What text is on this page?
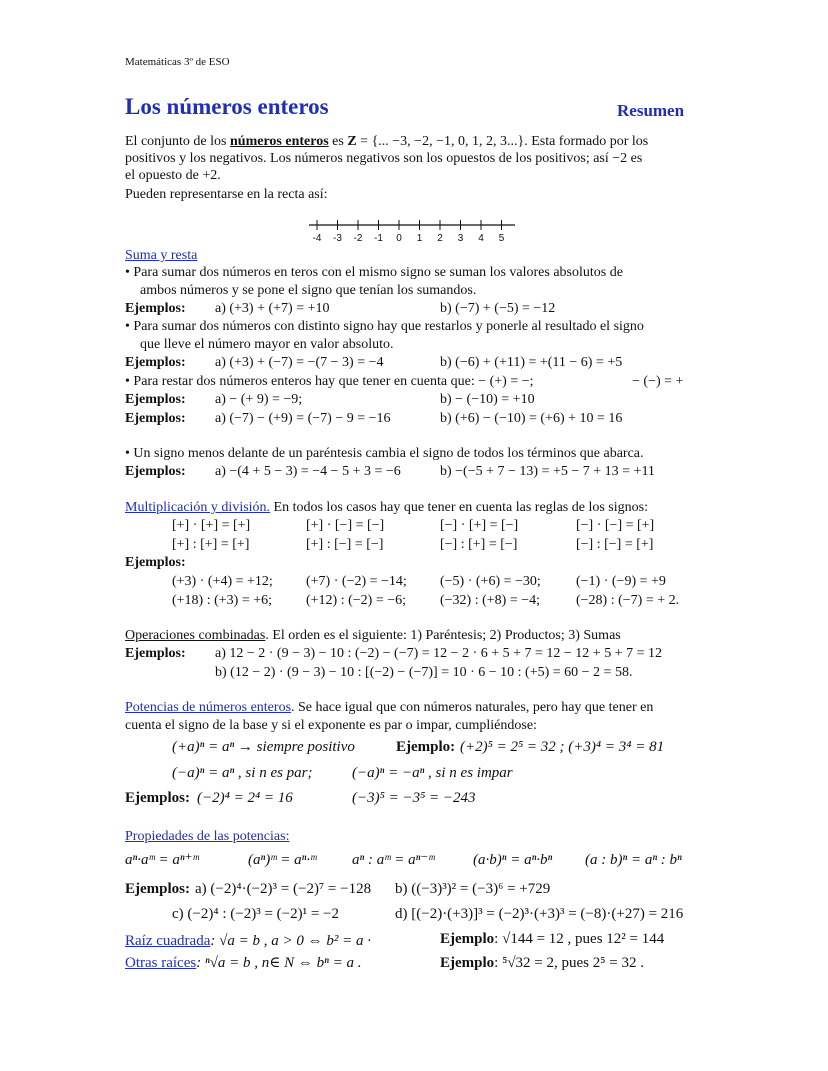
Matemáticas 3º de ESO
Los números enteros	Resumen
El conjunto de los números enteros es Z = {... −3, −2, −1, 0, 1, 2, 3...}. Esta formado por los
positivos y los negativos. Los números negativos son los opuestos de los positivos; así −2 es
el opuesto de +2.
Pueden representarse en la recta así:
-4 -3 -2 -1 0 1 2 3 4 5
Suma y resta
• Para sumar dos números en teros con el mismo signo se suman los valores absolutos de
ambos números y se pone el signo que tenían los sumandos.
Ejemplos: a) (+3) + (+7) = +10	b) (−7) + (−5) = −12
• Para sumar dos números con distinto signo hay que restarlos y ponerle al resultado el signo
que lleve el número mayor en valor absoluto.
Ejemplos: a) (+3) + (−7) = −(7 − 3) = −4	b) (−6) + (+11) = +(11 − 6) = +5
• Para restar dos números enteros hay que tener en cuenta que: − (+) = −;	− (−) = +
Ejemplos: a) − (+ 9) = −9;	b) − (−10) = +10
Ejemplos: a) (−7) − (+9) = (−7) − 9 = −16	b) (+6) − (−10) = (+6) + 10 = 16
• Un signo menos delante de un paréntesis cambia el signo de todos los términos que abarca.
Ejemplos: a) −(4 + 5 − 3) = −4 − 5 + 3 = −6	b) −(−5 + 7 − 13) = +5 − 7 + 13 = +11
Multiplicación y división. En todos los casos hay que tener en cuenta las reglas de los signos:
[+] · [+] = [+]	[+] · [−] = [−]	[−] · [+] = [−]	[−] · [−] = [+]
[+] : [+] = [+]	[+] : [−] = [−]	[−] : [+] = [−]	[−] : [−] = [+]
Ejemplos:
(+3) · (+4) = +12; (+7) · (−2) = −14; (−5) · (+6) = −30;	(−1) · (−9) = +9
(+18) : (+3) = +6; (+12) : (−2) = −6; (−32) : (+8) = −4;	(−28) : (−7) = + 2.
Operaciones combinadas. El orden es el siguiente: 1) Paréntesis; 2) Productos; 3) Sumas
Ejemplos: a) 12 − 2 · (9 − 3) − 10 : (−2) − (−7) = 12 − 2 · 6 + 5 + 7 = 12 − 12 + 5 + 7 = 12
b) (12 − 2) · (9 − 3) − 10 : [(−2) − (−7)] = 10 · 6 − 10 : (+5) = 60 − 2 = 58.
Potencias de números enteros. Se hace igual que con números naturales, pero hay que tener en
cuenta el signo de la base y si el exponente es par o impar, cumpliéndose:
(+a)ⁿ = aⁿ → siempre positivo	Ejemplo: (+2)⁵ = 2⁵ = 32 ; (+3)⁴ = 3⁴ = 81
(−a)ⁿ = aⁿ , si n es par;	(−a)ⁿ = −aⁿ , si n es impar
Ejemplos: (−2)⁴ = 2⁴ = 16	(−3)⁵ = −3⁵ = −243
Propiedades de las potencias:
aⁿ·aᵐ = aⁿ⁺ᵐ	(aⁿ)ᵐ = aⁿ·ᵐ aⁿ : aᵐ = aⁿ⁻ᵐ	(a·b)ⁿ = aⁿ·bⁿ (a : b)ⁿ = aⁿ : bⁿ
Ejemplos: a) (−2)⁴·(−2)³ = (−2)⁷ = −128 b) ((−3)³)² = (−3)⁶ = +729
c) (−2)⁴ : (−2)³ = (−2)¹ = −2	d) [(−2)·(+3)]³ = (−2)³·(+3)³ = (−8)·(+27) = 216
Raíz cuadrada: √a = b , a > 0 ⇔ b² = a ·	Ejemplo: √144 = 12 , pues 12² = 144
Otras raíces: ⁿ√a = b , n∈ N ⇔ bⁿ = a .	Ejemplo: ⁵√32 = 2, pues 2⁵ = 32 .
